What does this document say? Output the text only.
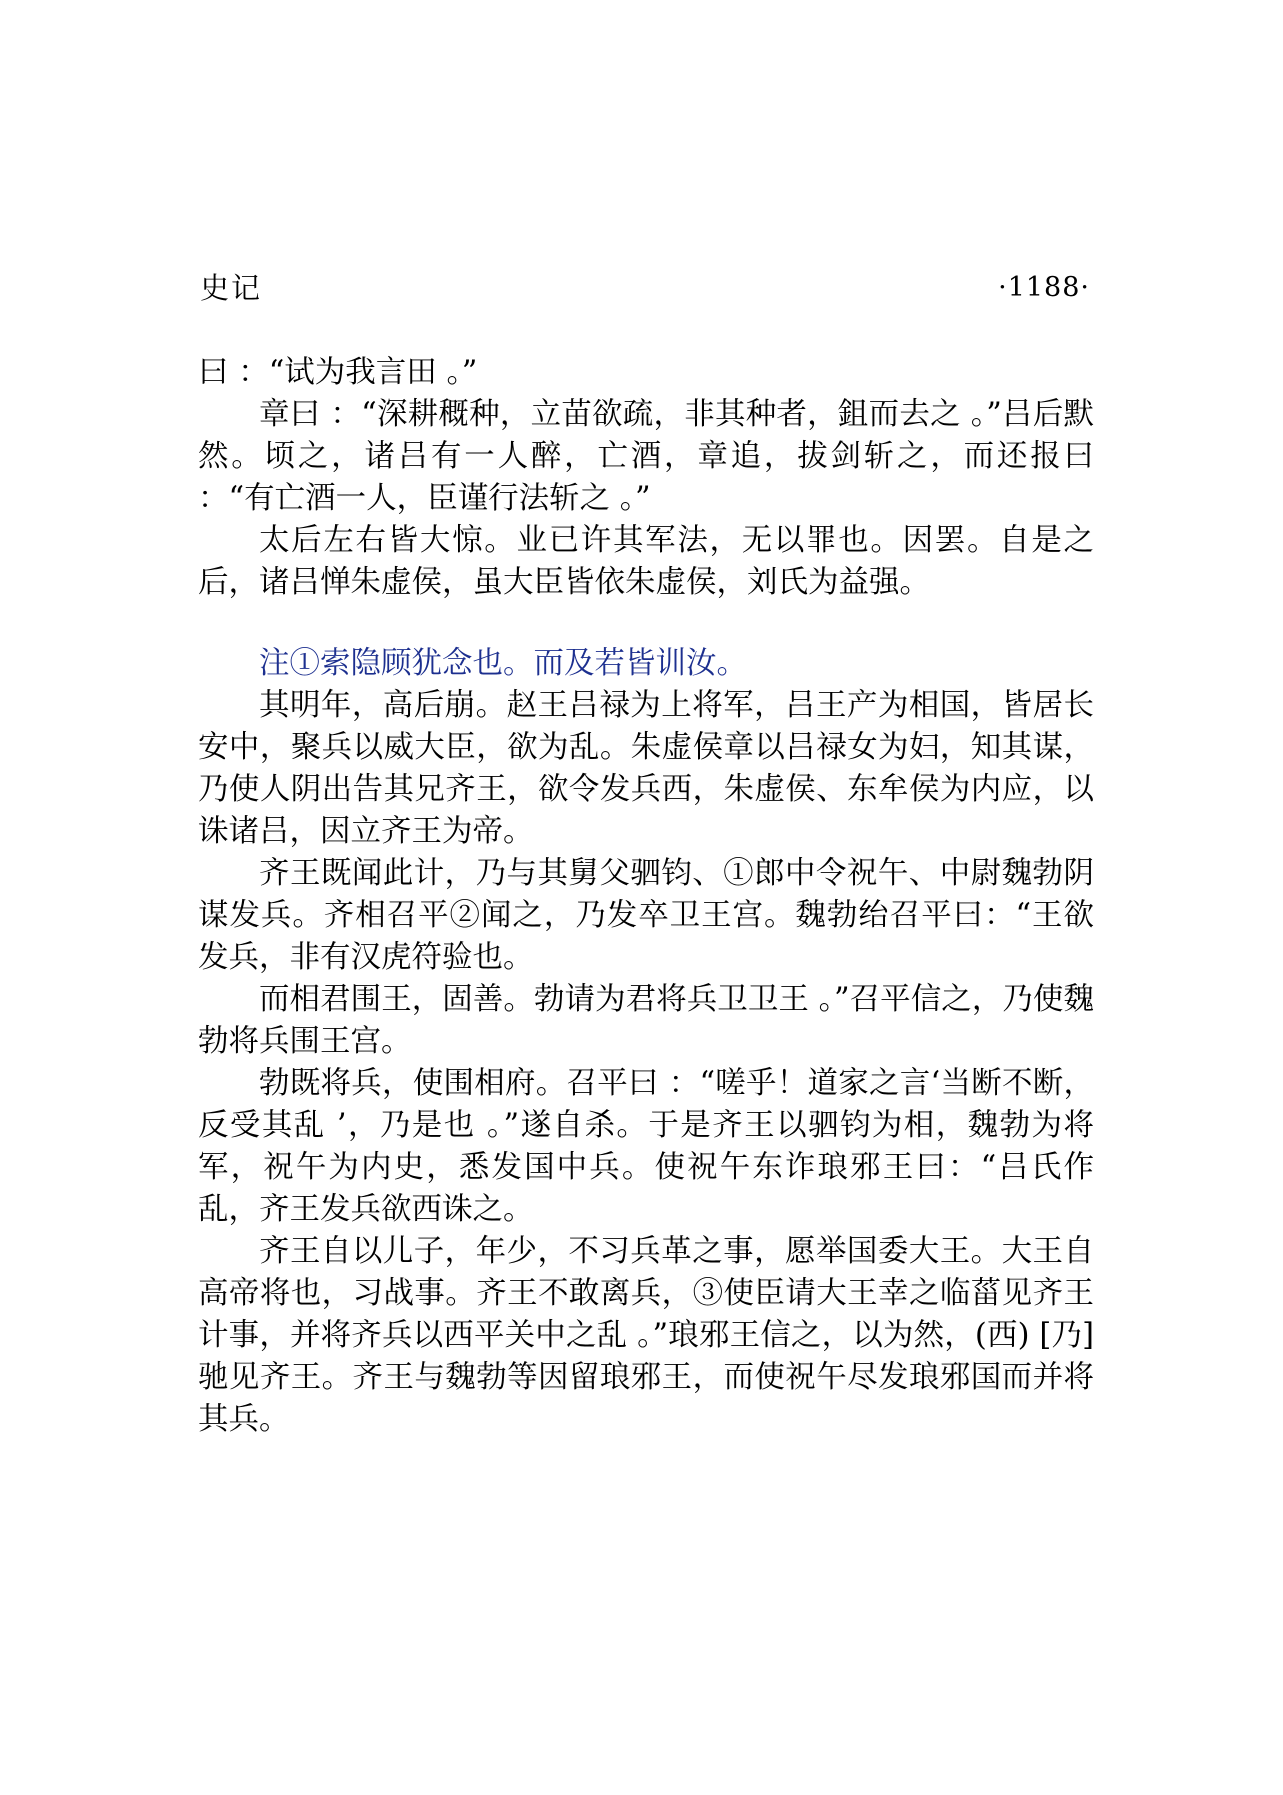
史记	·1188·

曰 ：“试为我言田 。”

章曰 ：“深耕穊种，立苗欲疏，非其种者，鉏而去之 。”吕后默然。顷之，诸吕有一人醉，亡酒，章追，拔剑斩之，而还报曰 ：“有亡酒一人，臣谨行法斩之 。”

太后左右皆大惊。业已许其军法，无以罪也。因罢。自是之后，诸吕惮朱虚侯，虽大臣皆依朱虚侯，刘氏为益强。

注①索隐顾犹念也。而及若皆训汝。

其明年，高后崩。赵王吕禄为上将军，吕王产为相国，皆居长安中，聚兵以威大臣，欲为乱。朱虚侯章以吕禄女为妇，知其谋，乃使人阴出告其兄齐王，欲令发兵西，朱虚侯、东牟侯为内应，以诛诸吕，因立齐王为帝。

齐王既闻此计，乃与其舅父驷钧、①郎中令祝午、中尉魏勃阴谋发兵。齐相召平②闻之，乃发卒卫王宫。魏勃绐召平曰：“王欲发兵，非有汉虎符验也。

而相君围王，固善。勃请为君将兵卫卫王 。”召平信之，乃使魏勃将兵围王宫。

勃既将兵，使围相府。召平曰 ：“嗟乎！道家之言‘当断不断，反受其乱 ’，乃是也 。”遂自杀。于是齐王以驷钧为相，魏勃为将军，祝午为内史，悉发国中兵。使祝午东诈琅邪王曰：“吕氏作乱，齐王发兵欲西诛之。

齐王自以儿子，年少，不习兵革之事，愿举国委大王。大王自高帝将也，习战事。齐王不敢离兵，③使臣请大王幸之临菑见齐王计事，并将齐兵以西平关中之乱 。”琅邪王信之，以为然，(西) [乃] 驰见齐王。齐王与魏勃等因留琅邪王，而使祝午尽发琅邪国而并将其兵。
